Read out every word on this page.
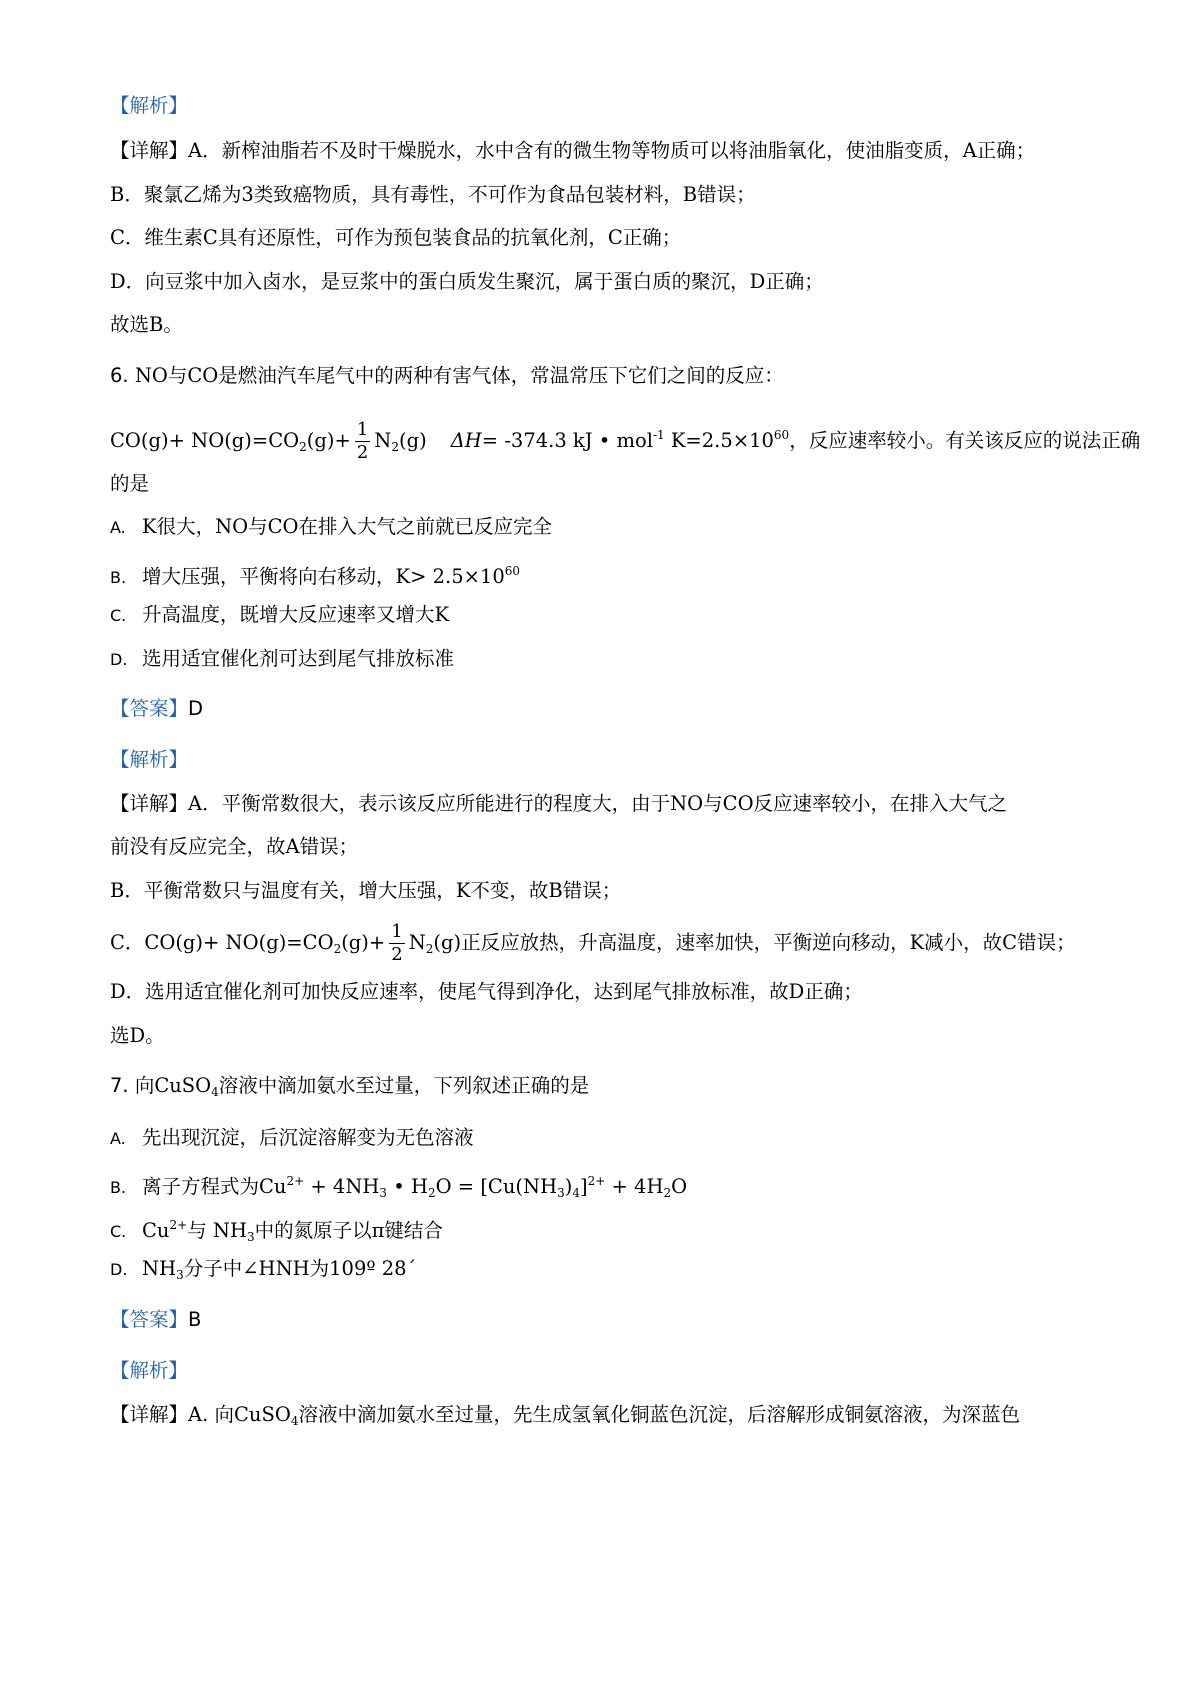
【解析】
【详解】A．新榨油脂若不及时干燥脱水，水中含有的微生物等物质可以将油脂氧化，使油脂变质，A正确；
B．聚氯乙烯为3类致癌物质，具有毒性，不可作为食品包装材料，B错误；
C．维生素C具有还原性，可作为预包装食品的抗氧化剂，C正确；
D．向豆浆中加入卤水，是豆浆中的蛋白质发生聚沉，属于蛋白质的聚沉，D正确；
故选B。
6. NO与CO是燃油汽车尾气中的两种有害气体，常温常压下它们之间的反应：
$CO(g)+ NO(g)=CO_2(g)+ \frac{1}{2} N_2(g)$ ΔH= -374.3 kJ • mol$^{-1}$ $K=2.5\times 10^{60}$，反应速率较小。有关该反应的说法正确
的是
A. K很大，NO与CO在排入大气之前就已反应完全
B. 增大压强，平衡将向右移动，$K> 2.5\times 10^{60}$
C. 升高温度，既增大反应速率又增大K
D. 选用适宜催化剂可达到尾气排放标准
【答案】D
【解析】
【详解】A．平衡常数很大，表示该反应所能进行的程度大，由于NO与CO反应速率较小，在排入大气之
前没有反应完全，故A错误；
B．平衡常数只与温度有关，增大压强，K不变，故B错误；
C．$CO(g)+ NO(g)=CO_2(g)+ \frac{1}{2} N_2(g)$正反应放热，升高温度，速率加快，平衡逆向移动，K减小，故C错误；
D．选用适宜催化剂可加快反应速率，使尾气得到净化，达到尾气排放标准，故D正确；
选D。
7. 向CuSO$_4$溶液中滴加氨水至过量，下列叙述正确的是
A. 先出现沉淀，后沉淀溶解变为无色溶液
B. 离子方程式为$Cu^{2+} + 4NH_3$ • $H_2O = [Cu(NH_3)_4]^{2+} + 4H_2O$
C. $Cu^{2+}$与 $NH_3$中的氮原子以π键结合
D. $NH_3$分子中∠HNH为109º 28´
【答案】B
【解析】
【详解】A. 向CuSO$_4$溶液中滴加氨水至过量，先生成氢氧化铜蓝色沉淀，后溶解形成铜氨溶液，为深蓝色
